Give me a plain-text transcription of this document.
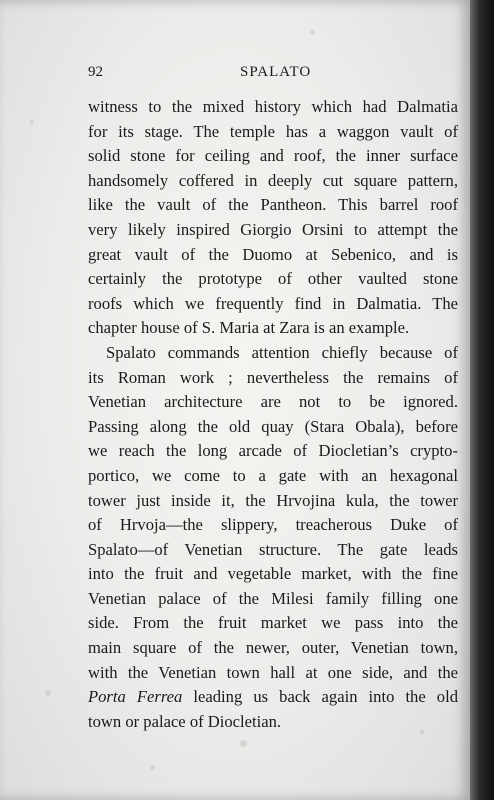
92	SPALATO
witness to the mixed history which had Dalmatia
for its stage. The temple has a waggon vault of
solid stone for ceiling and roof, the inner surface
handsomely coffered in deeply cut square pattern,
like the vault of the Pantheon. This barrel roof
very likely inspired Giorgio Orsini to attempt the
great vault of the Duomo at Sebenico, and is
certainly the prototype of other vaulted stone
roofs which we frequently find in Dalmatia. The
chapter house of S. Maria at Zara is an example.
Spalato commands attention chiefly because of
its Roman work ; nevertheless the remains of
Venetian architecture are not to be ignored.
Passing along the old quay (Stara Obala), before
we reach the long arcade of Diocletian’s crypto-
portico, we come to a gate with an hexagonal
tower just inside it, the Hrvojina kula, the tower
of Hrvoja—the slippery, treacherous Duke of
Spalato—of Venetian structure. The gate leads
into the fruit and vegetable market, with the fine
Venetian palace of the Milesi family filling one
side. From the fruit market we pass into the
main square of the newer, outer, Venetian town,
with the Venetian town hall at one side, and the
Porta Ferrea leading us back again into the old
town or palace of Diocletian.
